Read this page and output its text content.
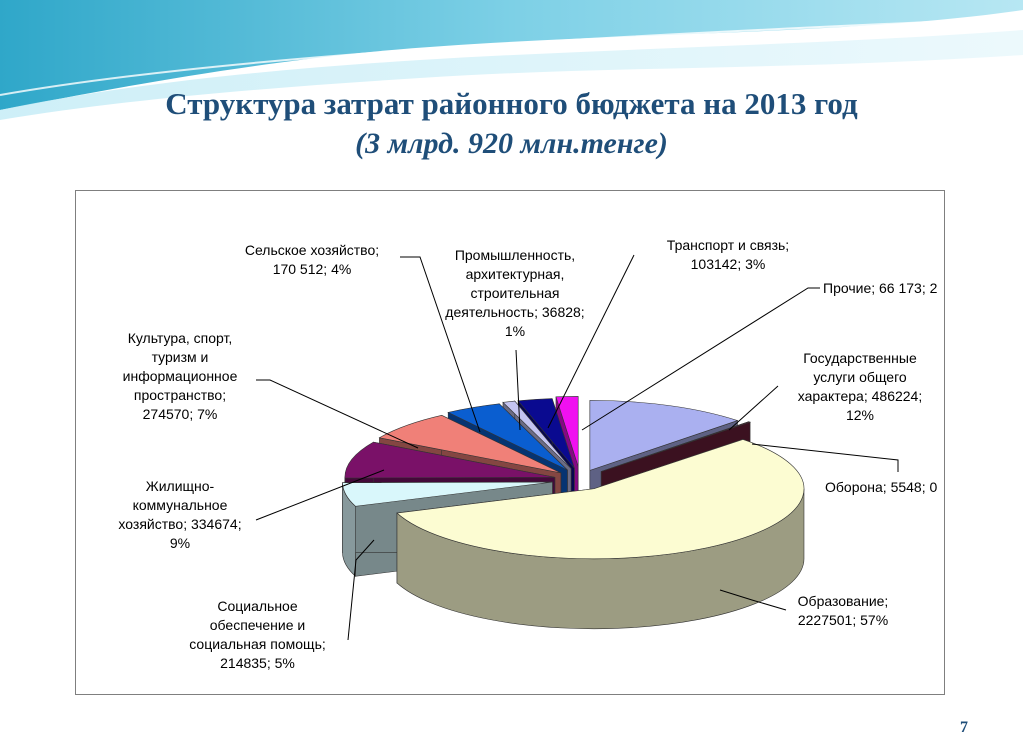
Структура затрат районного бюджета на 2013 год
(3 млрд. 920 млн.тенге)
Государственные
услуги общего
характера; 486224;
12%
Оборона; 5548; 0
Образование;
2227501; 57%
Социальное
обеспечение и
социальная помощь;
214835; 5%
Жилищно-
коммунальное
хозяйство; 334674;
9%
Культура, спорт,
туризм и
информационное
пространство;
274570; 7%
Сельское хозяйство;
170 512; 4%
Промышленность,
архитектурная,
строительная
деятельность; 36828;
1%
Транспорт и связь;
103142; 3%
Прочие; 66 173; 2
7
